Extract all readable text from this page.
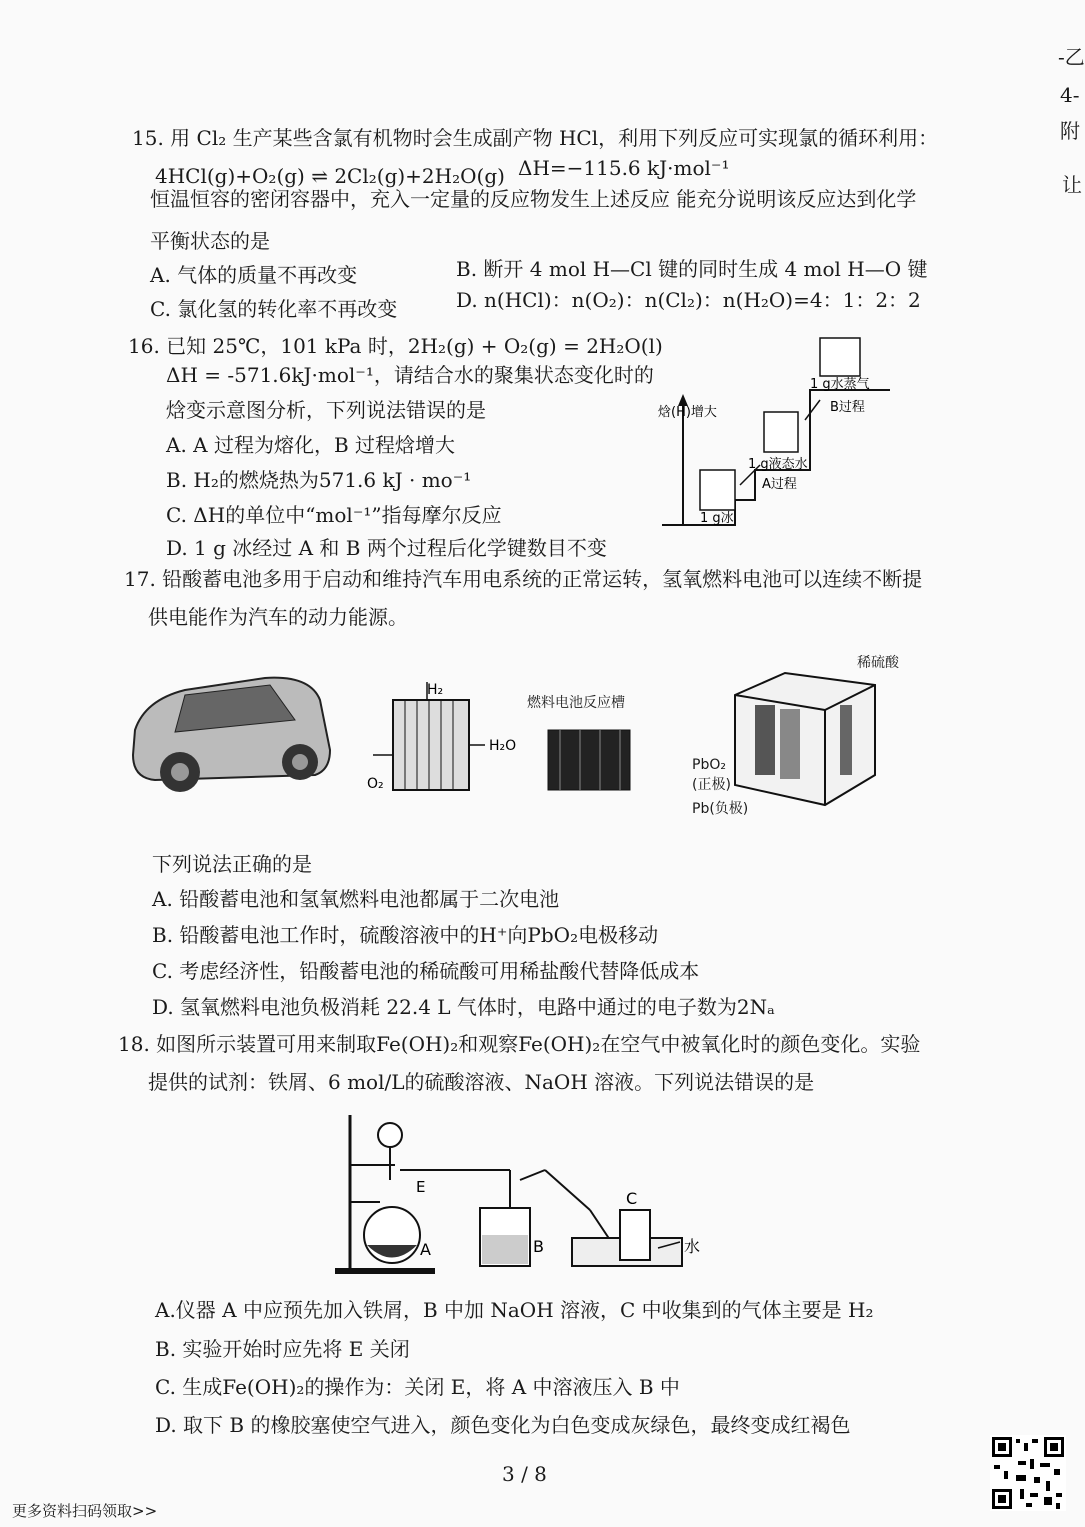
-乙
4-
附
让
15. 用 Cl₂ 生产某些含氯有机物时会生成副产物 HCl，利用下列反应可实现氯的循环利用：
4HCl(g)+O₂(g) ⇌ 2Cl₂(g)+2H₂O(g) ΔH=−115.6 kJ·mol⁻¹
恒温恒容的密闭容器中，充入一定量的反应物发生上述反应 能充分说明该反应达到化学
平衡状态的是
A. 气体的质量不再改变	B. 断开 4 mol H—Cl 键的同时生成 4 mol H—O 键
C. 氯化氢的转化率不再改变	D. n(HCl)：n(O₂)：n(Cl₂)：n(H₂O)=4：1：2：2
16. 已知 25℃，101 kPa 时，2H₂(g) + O₂(g) = 2H₂O(l)
ΔH = -571.6kJ·mol⁻¹，请结合水的聚集状态变化时的
焓变示意图分析，下列说法错误的是
A. A 过程为熔化，B 过程焓增大
B. H₂的燃烧热为571.6 kJ · mo⁻¹
C. ΔH的单位中“mol⁻¹”指每摩尔反应
D. 1 g 冰经过 A 和 B 两个过程后化学键数目不变
焓(H)增大
1 g水蒸气
B过程
1 g液态水
A过程
1 g冰
17. 铅酸蓄电池多用于启动和维持汽车用电系统的正常运转，氢氧燃料电池可以连续不断提
供电能作为汽车的动力能源。
H₂
H₂O
O₂
燃料电池反应槽
稀硫酸
PbO₂
(正极)
Pb(负极)
下列说法正确的是
A. 铅酸蓄电池和氢氧燃料电池都属于二次电池
B. 铅酸蓄电池工作时，硫酸溶液中的H⁺向PbO₂电极移动
C. 考虑经济性，铅酸蓄电池的稀硫酸可用稀盐酸代替降低成本
D. 氢氧燃料电池负极消耗 22.4 L 气体时，电路中通过的电子数为2Nₐ
18. 如图所示装置可用来制取Fe(OH)₂和观察Fe(OH)₂在空气中被氧化时的颜色变化。实验
提供的试剂：铁屑、6 mol/L的硫酸溶液、NaOH 溶液。下列说法错误的是
E
A	B
C
水
A.仪器 A 中应预先加入铁屑，B 中加 NaOH 溶液，C 中收集到的气体主要是 H₂
B. 实验开始时应先将 E 关闭
C. 生成Fe(OH)₂的操作为：关闭 E，将 A 中溶液压入 B 中
D. 取下 B 的橡胶塞使空气进入，颜色变化为白色变成灰绿色，最终变成红褐色
3 / 8
更多资料扫码领取>>
